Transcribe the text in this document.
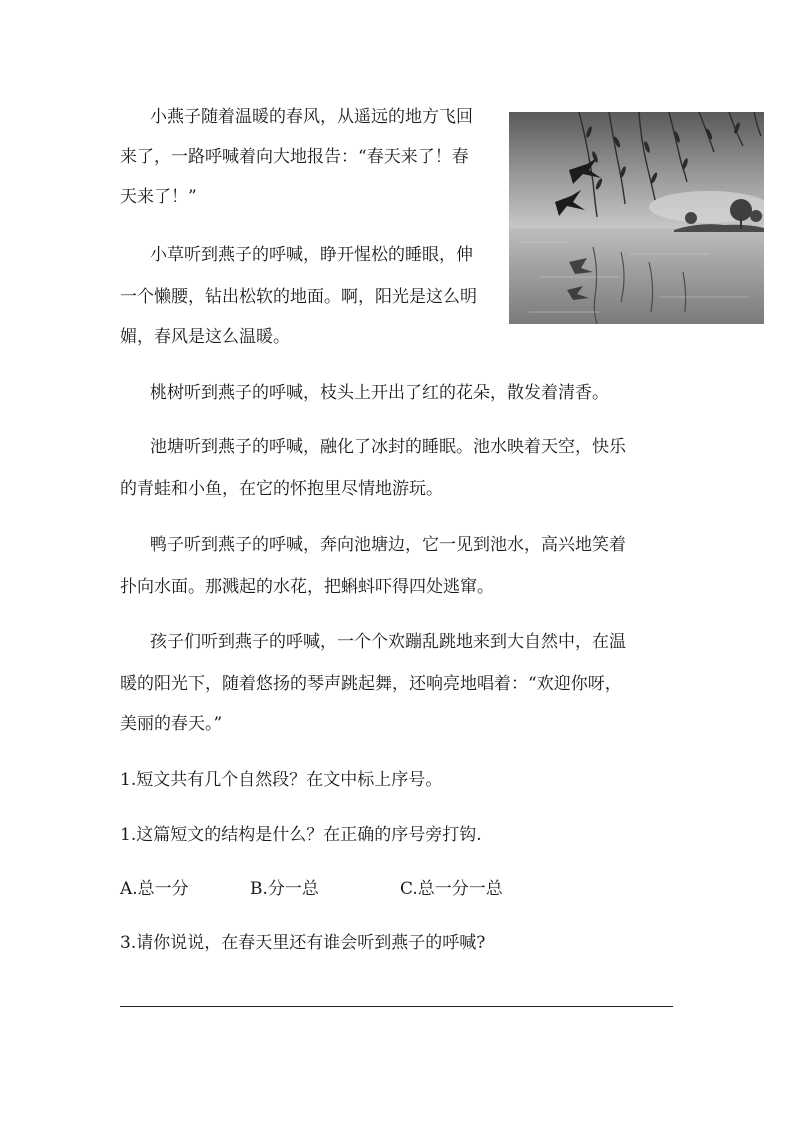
小燕子随着温暖的春风，从遥远的地方飞回
来了，一路呼喊着向大地报告：“春天来了！春
天来了！”
小草听到燕子的呼喊，睁开惺松的睡眼，伸
一个懒腰，钻出松软的地面。啊，阳光是这么明
媚，春风是这么温暖。
桃树听到燕子的呼喊，枝头上开出了红的花朵，散发着清香。
池塘听到燕子的呼喊，融化了冰封的睡眠。池水映着天空，快乐
的青蛙和小鱼，在它的怀抱里尽情地游玩。
鸭子听到燕子的呼喊，奔向池塘边，它一见到池水，高兴地笑着
扑向水面。那溅起的水花，把蝌蚪吓得四处逃窜。
孩子们听到燕子的呼喊，一个个欢蹦乱跳地来到大自然中，在温
暖的阳光下，随着悠扬的琴声跳起舞，还响亮地唱着：“欢迎你呀，
美丽的春天。”
1.短文共有几个自然段？在文中标上序号。
1.这篇短文的结构是什么？在正确的序号旁打钩.
A.总一分	B.分一总	C.总一分一总
3.请你说说，在春天里还有谁会听到燕子的呼喊?
